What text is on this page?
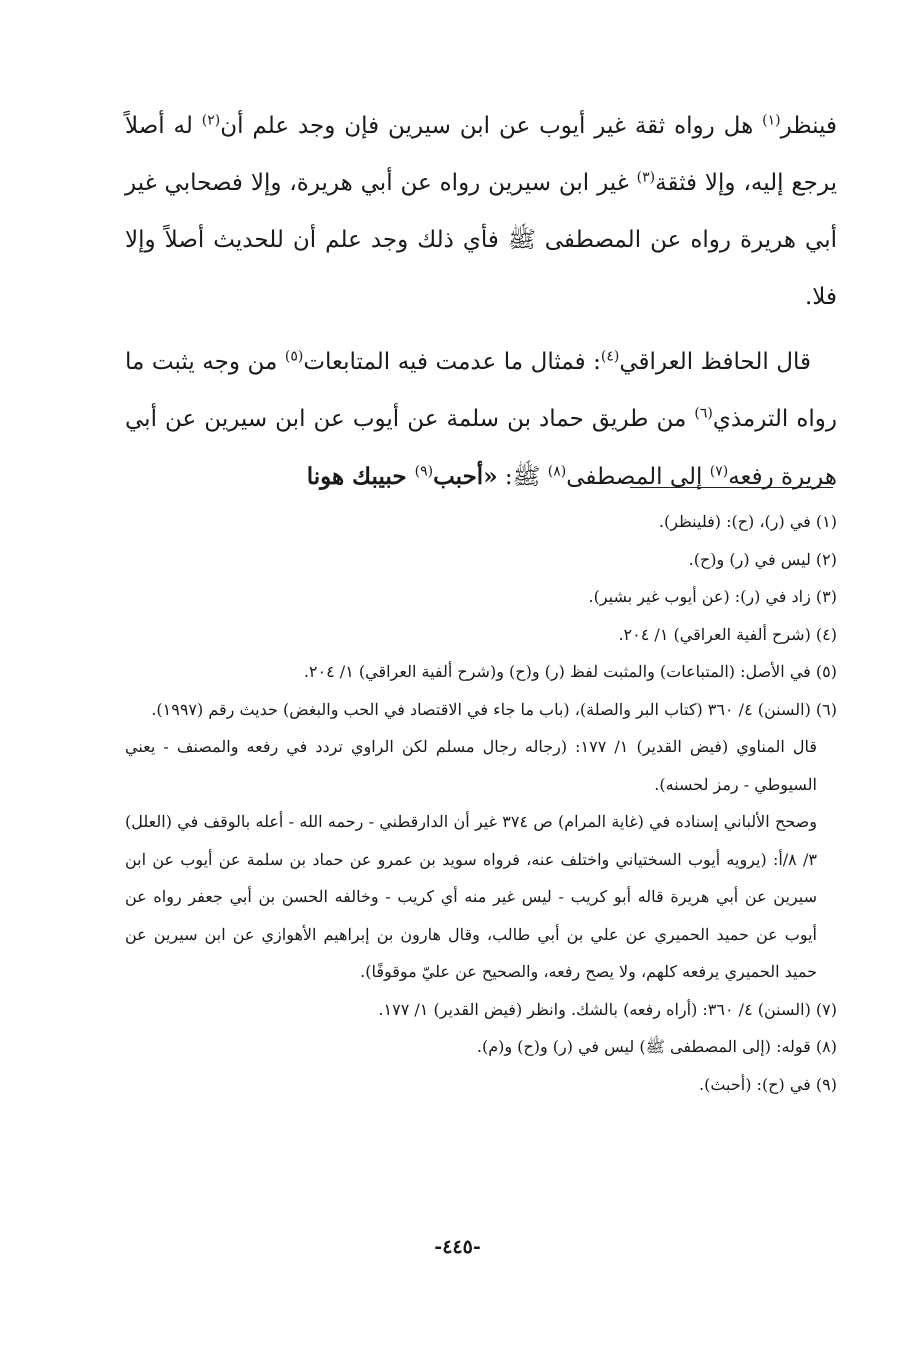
فينظر$^{(١)}$ هل رواه ثقة غير أيوب عن ابن سيرين فإن وجد علم أن$^{(٢)}$ له أصلاً يرجع إليه، وإلا فثقة$^{(٣)}$ غير ابن سيرين رواه عن أبي هريرة، وإلا فصحابي غير أبي هريرة رواه عن المصطفى ﷺ فأي ذلك وجد علم أن للحديث أصلاً وإلا فلا.

قال الحافظ العراقي$^{(٤)}$: فمثال ما عدمت فيه المتابعات$^{(٥)}$ من وجه يثبت ما رواه الترمذي$^{(٦)}$ من طريق حماد بن سلمة عن أيوب عن ابن سيرين عن أبي هريرة رفعه$^{(٧)}$ إلى المصطفى$^{(٨)}$ ﷺ: «أحبب$^{(٩)}$ حبيبك هونا

(١) في (ر)، (ح): (فلينظر).

(٢) ليس في (ر) و(ح).

(٣) زاد في (ر): (عن أيوب غير بشير).

(٤) (شرح ألفية العراقي) ١/ ٢٠٤.

(٥) في الأصل: (المتباعات) والمثبت لفظ (ر) و(ح) و(شرح ألفية العراقي) ١/ ٢٠٤.

(٦) (السنن) ٤/ ٣٦٠ (كتاب البر والصلة)، (باب ما جاء في الاقتصاد في الحب والبغض) حديث رقم (١٩٩٧).

قال المناوي (فيض القدير) ١/ ١٧٧: (رجاله رجال مسلم لكن الراوي تردد في رفعه والمصنف - يعني السيوطي - رمز لحسنه).

وصحح الألباني إسناده في (غاية المرام) ص ٣٧٤ غير أن الدارقطني - رحمه الله - أعله بالوقف في (العلل) ٣/ ٨/أ: (يرويه أيوب السختياني واختلف عنه، فرواه سويد بن عمرو عن حماد بن سلمة عن أيوب عن ابن سيرين عن أبي هريرة قاله أبو كريب - ليس غير منه أي كريب - وخالفه الحسن بن أبي جعفر رواه عن أيوب عن حميد الحميري عن علي بن أبي طالب، وقال هارون بن إبراهيم الأهوازي عن ابن سيرين عن حميد الحميري يرفعه كلهم، ولا يصح رفعه، والصحيح عن عليّ موقوفًا).

(٧) (السنن) ٤/ ٣٦٠: (أراه رفعه) بالشك. وانظر (فيض القدير) ١/ ١٧٧.

(٨) قوله: (إلى المصطفى ﷺ) ليس في (ر) و(ح) و(م).

(٩) في (ح): (أحبث).

-٤٤٥-
